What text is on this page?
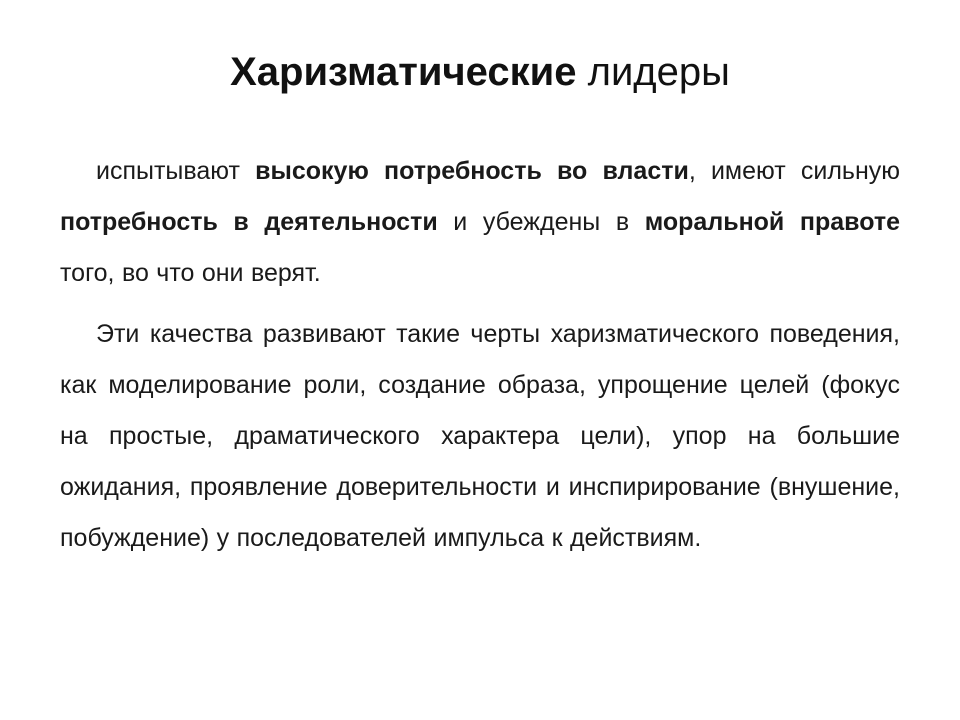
Харизматические лидеры

испытывают высокую потребность во власти, имеют сильную потребность в деятельности и убеждены в моральной правоте того, во что они верят.

Эти качества развивают такие черты харизматического поведения, как моделирование роли, создание образа, упрощение целей (фокус на простые, драматического характера цели), упор на большие ожидания, проявление доверительности и инспирирование (внушение, побуждение) у последователей импульса к действиям.
